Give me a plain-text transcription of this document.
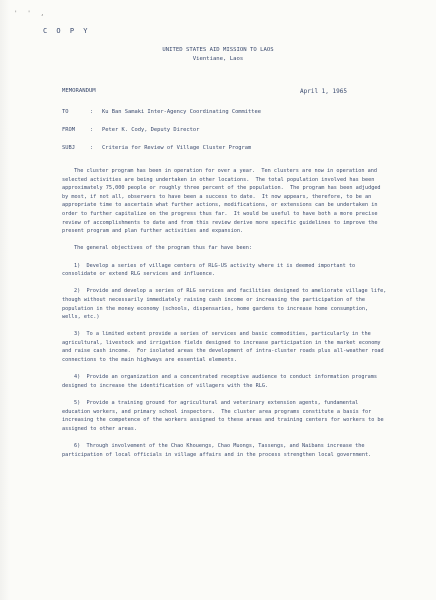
' ' ,
C O P Y
UNITED STATES AID MISSION TO LAOS
Vientiane, Laos
MEMORANDUM	April 1, 1965
TO	: Ku Ban Samaki Inter-Agency Coordinating Committee
FROM	: Peter K. Cody, Deputy Director
SUBJ	: Criteria for Review of Village Cluster Program

The cluster program has been in operation for over a year.  Ten clusters are now in operation and selected activities are being undertaken in other locations.  The total population involved has been approximately 75,000 people or roughly three percent of the population.  The program has been adjudged by most, if not all, observers to have been a success to date.  It now appears, therefore, to be an appropriate time to ascertain what further actions, modifications, or extensions can be undertaken in order to further capitalize on the progress thus far.  It would be useful to have both a more precise review of accomplishments to date and from this review derive more specific guidelines to improve the present program and plan further activities and expansion.

The general objectives of the program thus far have been:

1)  Develop a series of village centers of RLG-US activity where it is deemed important to consolidate or extend RLG services and influence.

2)  Provide and develop a series of RLG services and facilities designed to ameliorate village life, though without necessarily immediately raising cash income or increasing the participation of the population in the money economy (schools, dispensaries, home gardens to increase home consumption, wells, etc.)

3)  To a limited extent provide a series of services and basic commodities, particularly in the agricultural, livestock and irrigation fields designed to increase participation in the market economy and raise cash income.  For isolated areas the development of intra-cluster roads plus all-weather road connections to the main highways are essential elements.

4)  Provide an organization and a concentrated receptive audience to conduct information programs designed to increase the identification of villagers with the RLG.

5)  Provide a training ground for agricultural and veterinary extension agents, fundamental education workers, and primary school inspectors.  The cluster area programs constitute a basis for increasing the competence of the workers assigned to these areas and training centers for workers to be assigned to other areas.

6)  Through involvement of the Chao Khouengs, Chao Muongs, Tassengs, and Naibans increase the participation of local officials in village affairs and in the process strengthen local government.
